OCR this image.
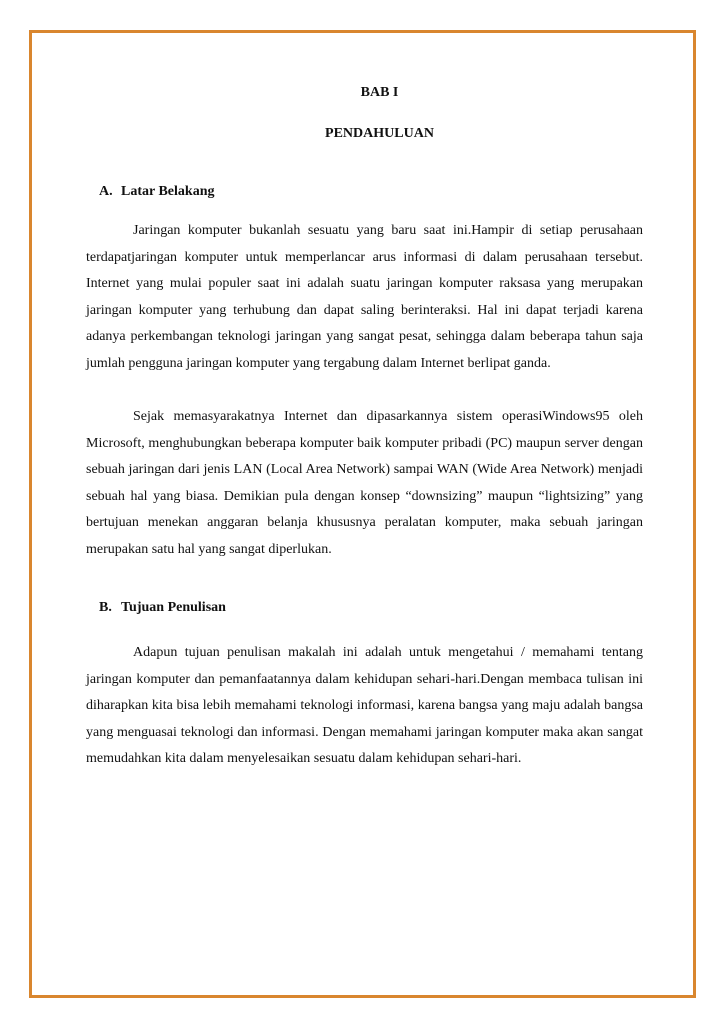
BAB I

PENDAHULUAN

A. Latar Belakang

Jaringan komputer bukanlah sesuatu yang baru saat ini.Hampir di setiap perusahaan terdapatjaringan komputer untuk memperlancar arus informasi di dalam perusahaan tersebut. Internet yang mulai populer saat ini adalah suatu jaringan komputer raksasa yang merupakan jaringan komputer yang terhubung dan dapat saling berinteraksi. Hal ini dapat terjadi karena adanya perkembangan teknologi jaringan yang sangat pesat, sehingga dalam beberapa tahun saja jumlah pengguna jaringan komputer yang tergabung dalam Internet berlipat ganda.

Sejak memasyarakatnya Internet dan dipasarkannya sistem operasiWindows95 oleh Microsoft, menghubungkan beberapa komputer baik komputer pribadi (PC) maupun server dengan sebuah jaringan dari jenis LAN (Local Area Network) sampai WAN (Wide Area Network) menjadi sebuah hal yang biasa. Demikian pula dengan konsep “downsizing” maupun “lightsizing” yang bertujuan menekan anggaran belanja khususnya peralatan komputer, maka sebuah jaringan merupakan satu hal yang sangat diperlukan.

B. Tujuan Penulisan

Adapun tujuan penulisan makalah ini adalah untuk mengetahui / memahami tentang jaringan komputer dan pemanfaatannya dalam kehidupan sehari-hari.Dengan membaca tulisan ini diharapkan kita bisa lebih memahami teknologi informasi, karena bangsa yang maju adalah bangsa yang menguasai teknologi dan informasi. Dengan memahami jaringan komputer maka akan sangat memudahkan kita dalam menyelesaikan sesuatu dalam kehidupan sehari-hari.
